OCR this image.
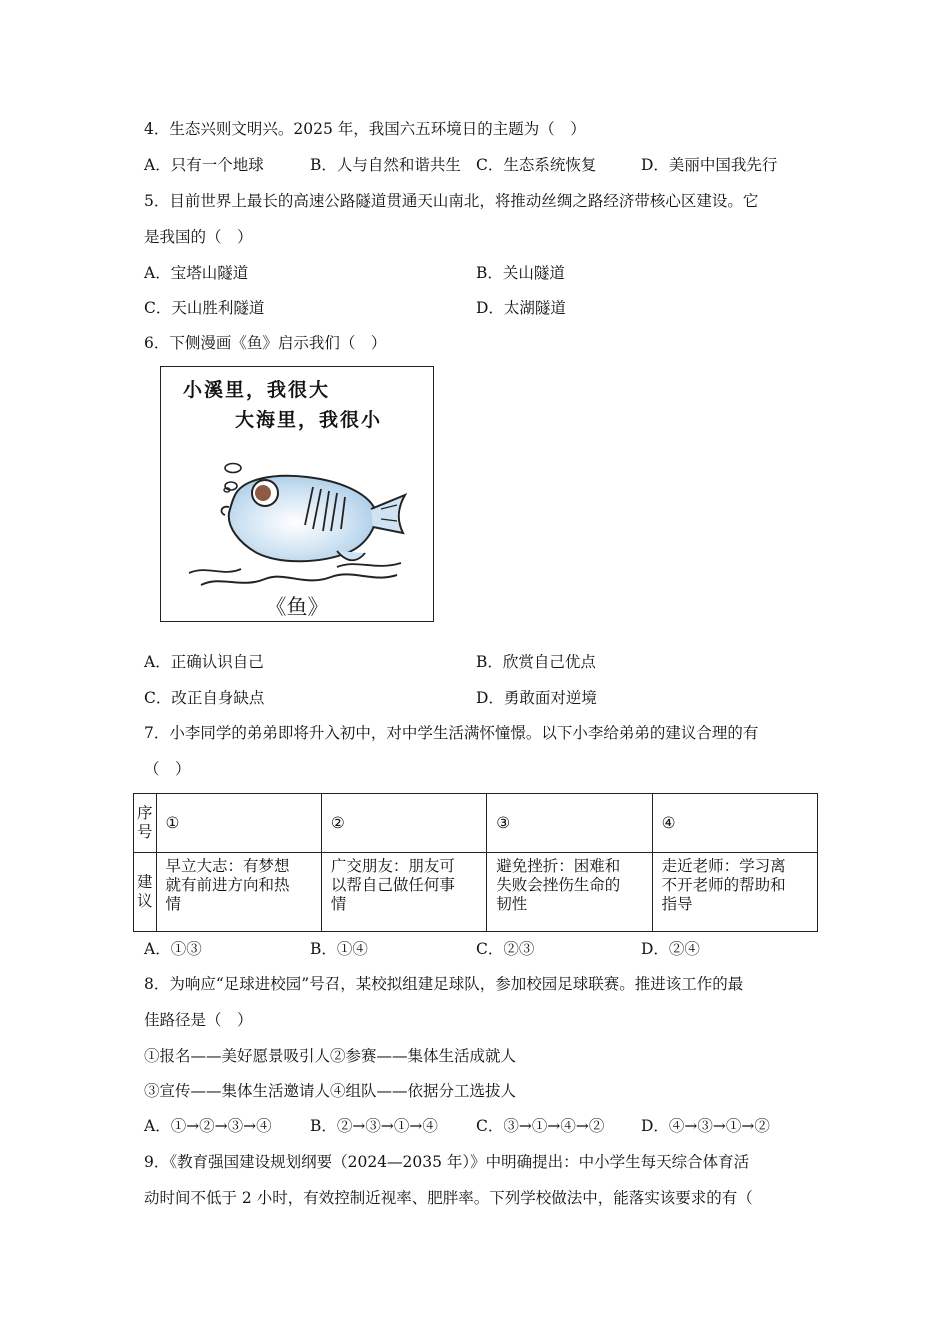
4．生态兴则文明兴。2025 年，我国六五环境日的主题为（　）
A．只有一个地球	B．人与自然和谐共生 C．生态系统恢复	D．美丽中国我先行
5．目前世界上最长的高速公路隧道贯通天山南北，将推动丝绸之路经济带核心区建设。它
是我国的（　）
A．宝塔山隧道	B．关山隧道
C．天山胜利隧道	D．太湖隧道
6．下侧漫画《鱼》启示我们（　）
小溪里，我很大
大海里，我很小
《鱼》
A．正确认识自己	B．欣赏自己优点
C．改正自身缺点	D．勇敢面对逆境
7．小李同学的弟弟即将升入初中，对中学生活满怀憧憬。以下小李给弟弟的建议合理的有
（　）
序
号	①	②	③	④

建
议	早立大志：有梦想
就有前进方向和热
情	广交朋友：朋友可
以帮自己做任何事
情	避免挫折：困难和
失败会挫伤生命的
韧性	走近老师：学习离
不开老师的帮助和
指导
A．①③	B．①④	C．②③	D．②④
8．为响应“足球进校园”号召，某校拟组建足球队，参加校园足球联赛。推进该工作的最
佳路径是（　）
①报名——美好愿景吸引人②参赛——集体生活成就人
③宣传——集体生活邀请人④组队——依据分工选拔人
A．①→②→③→④ B．②→③→①→④ C．③→①→④→② D．④→③→①→②
9．《教育强国建设规划纲要（2024—2035 年）》中明确提出：中小学生每天综合体育活
动时间不低于 2 小时，有效控制近视率、肥胖率。下列学校做法中，能落实该要求的有（
